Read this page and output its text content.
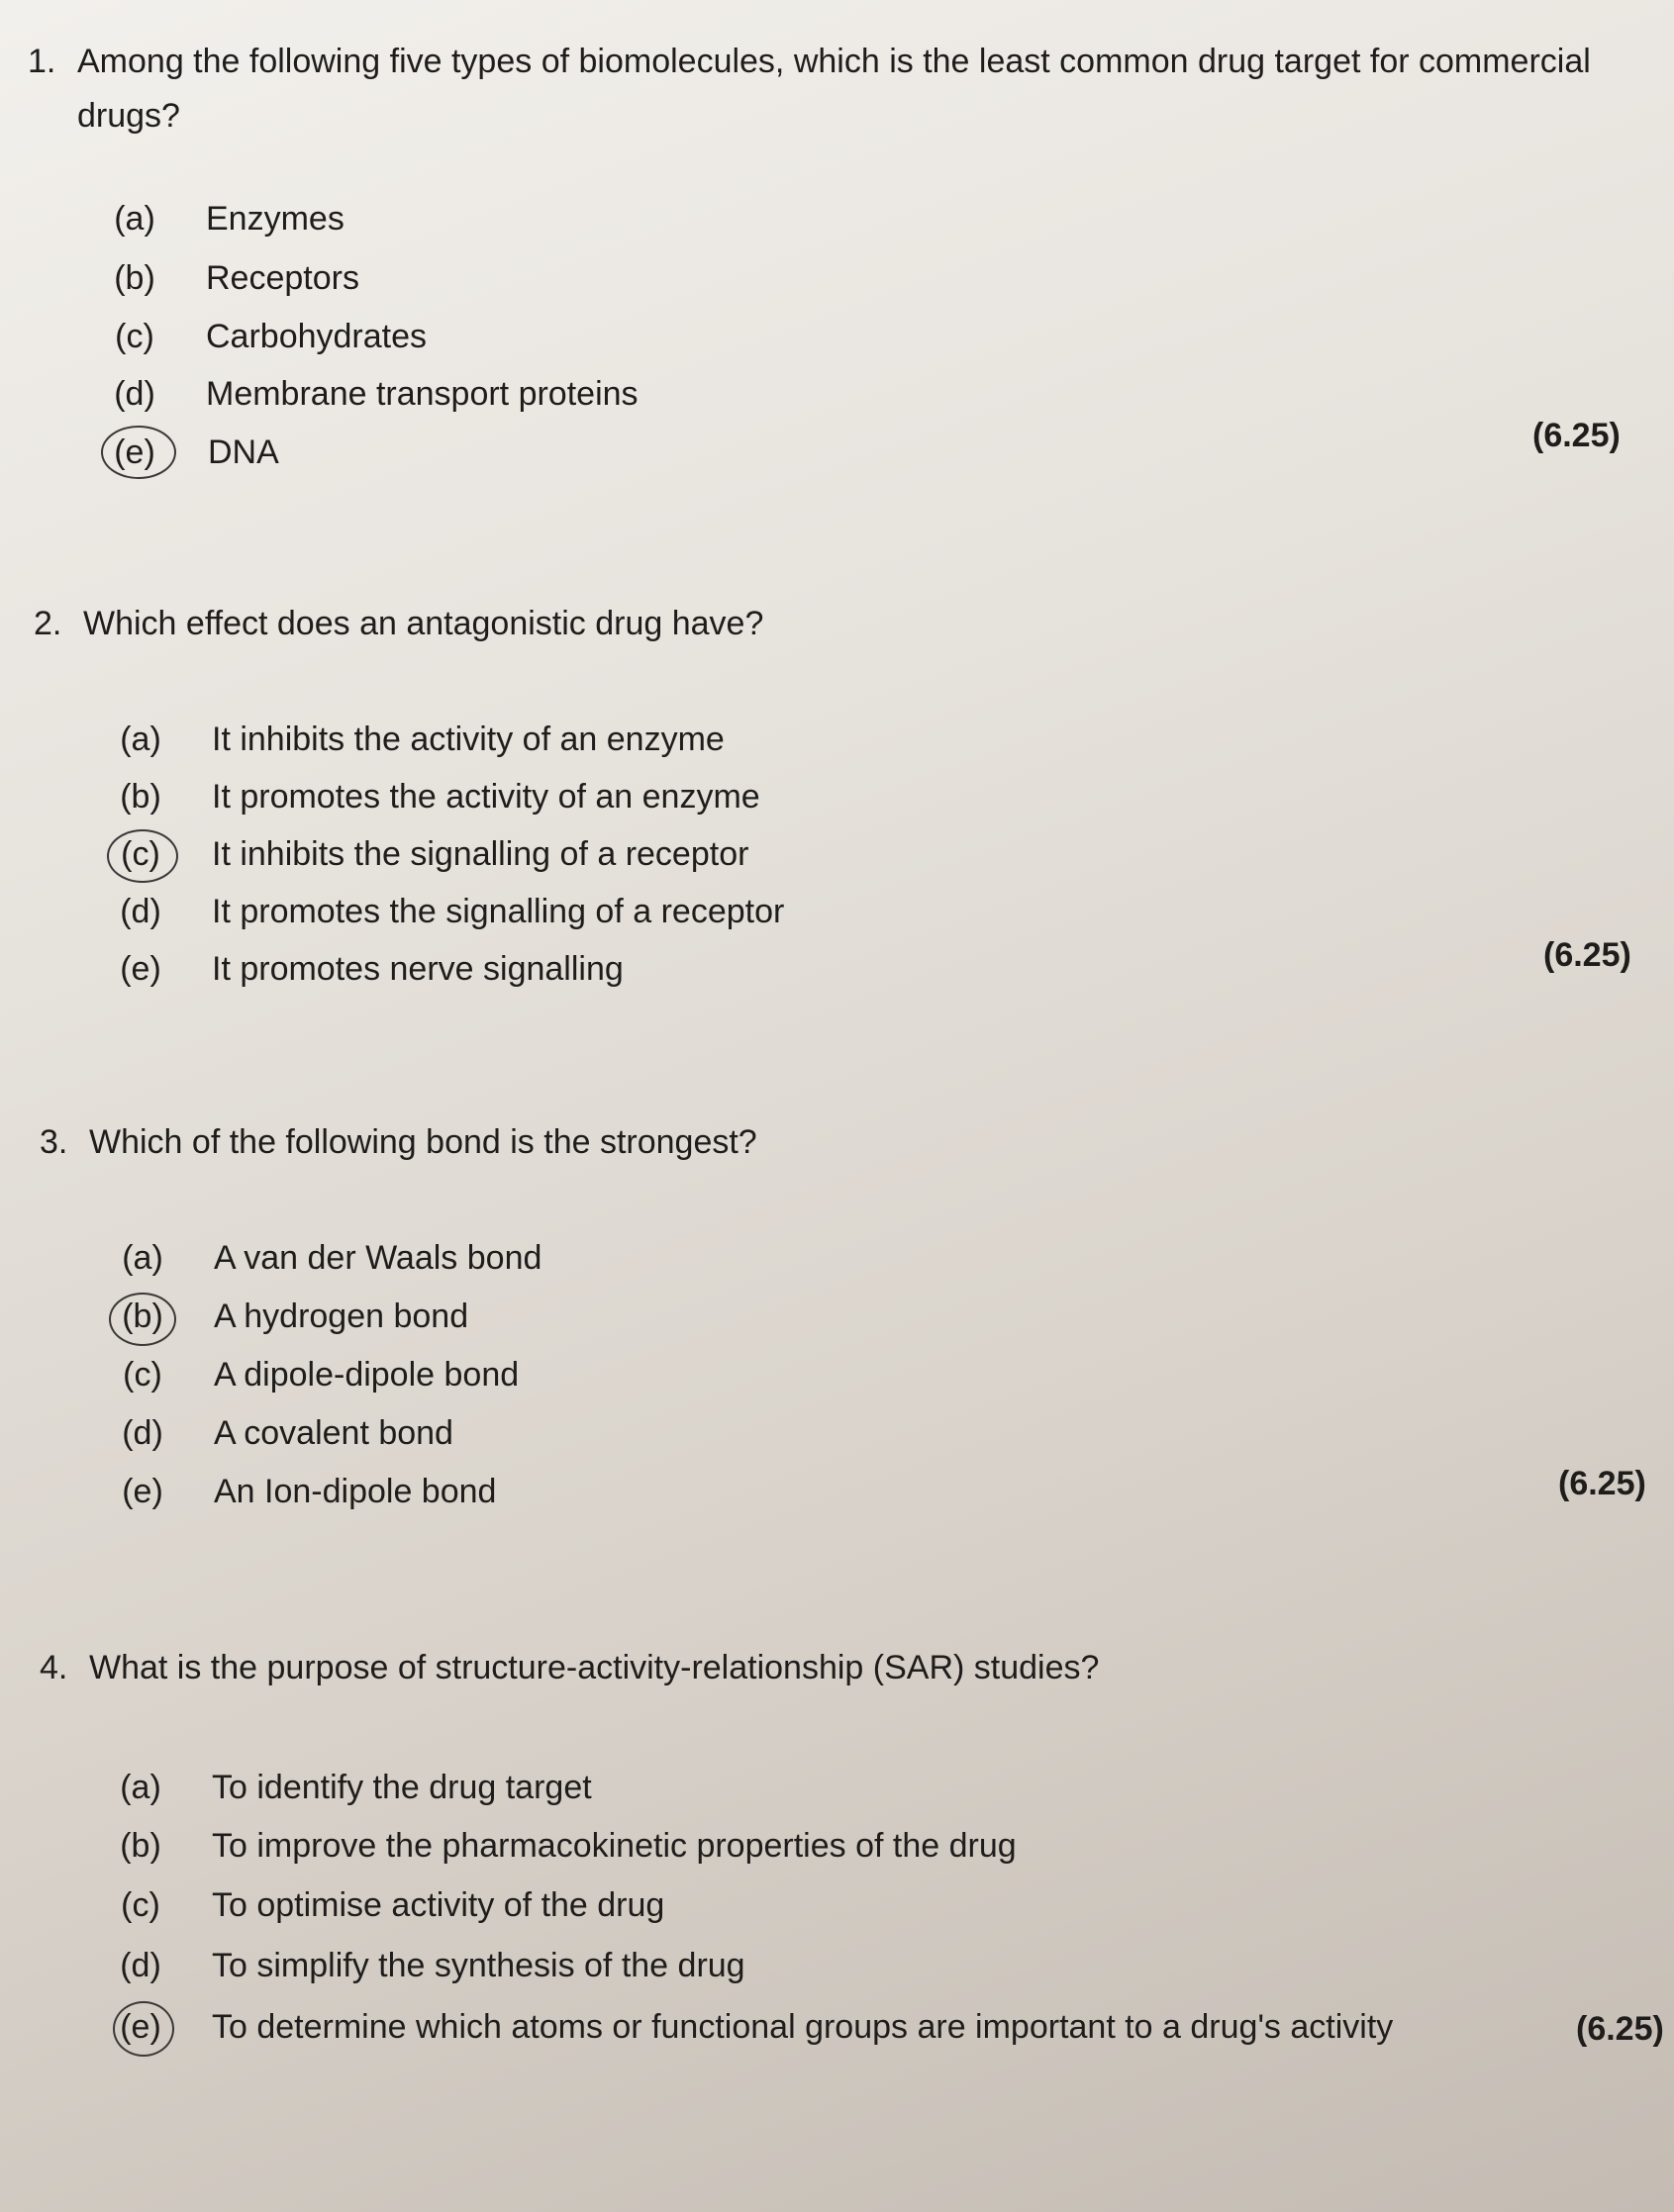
1. Among the following five types of biomolecules, which is the least common drug target for commercial
drugs?
(a)	Enzymes
(b)	Receptors
(c)	Carbohydrates
(d)	Membrane transport proteins
(e)	DNA	(6.25)
2. Which effect does an antagonistic drug have?
(a)	It inhibits the activity of an enzyme
(b)	It promotes the activity of an enzyme
(c)	It inhibits the signalling of a receptor
(d)	It promotes the signalling of a receptor
(e)	It promotes nerve signalling	(6.25)
3. Which of the following bond is the strongest?
(a)	A van der Waals bond
(b)	A hydrogen bond
(c)	A dipole-dipole bond
(d)	A covalent bond
(e)	An Ion-dipole bond	(6.25)
4. What is the purpose of structure-activity-relationship (SAR) studies?
(a)	To identify the drug target
(b)	To improve the pharmacokinetic properties of the drug
(c)	To optimise activity of the drug
(d)	To simplify the synthesis of the drug
(e)	To determine which atoms or functional groups are important to a drug's activity	(6.25)
